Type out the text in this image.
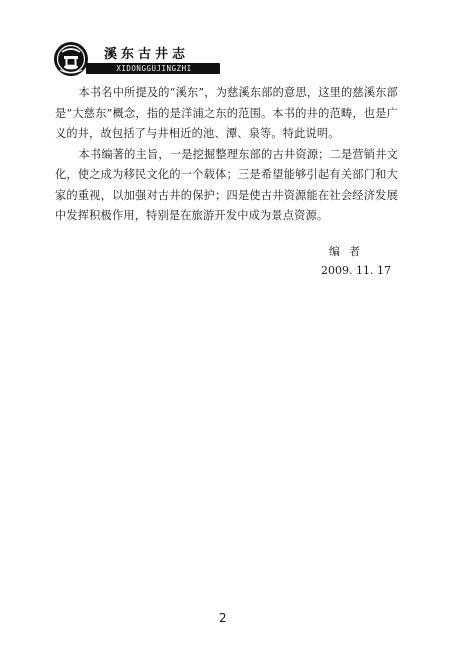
溪东古井志
XIDONGGUJINGZHI

本书名中所提及的“溪东”，为慈溪东部的意思，这里的慈溪东部是“大慈东”概念，指的是洋浦之东的范围。本书的井的范畴，也是广义的井，故包括了与井相近的池、潭、泉等。特此说明。

本书编著的主旨，一是挖掘整理东部的古井资源；二是营销井文化，使之成为移民文化的一个载体；三是希望能够引起有关部门和大家的重视，以加强对古井的保护；四是使古井资源能在社会经济发展中发挥积极作用，特别是在旅游开发中成为景点资源。

编者
2009. 11. 17
2
